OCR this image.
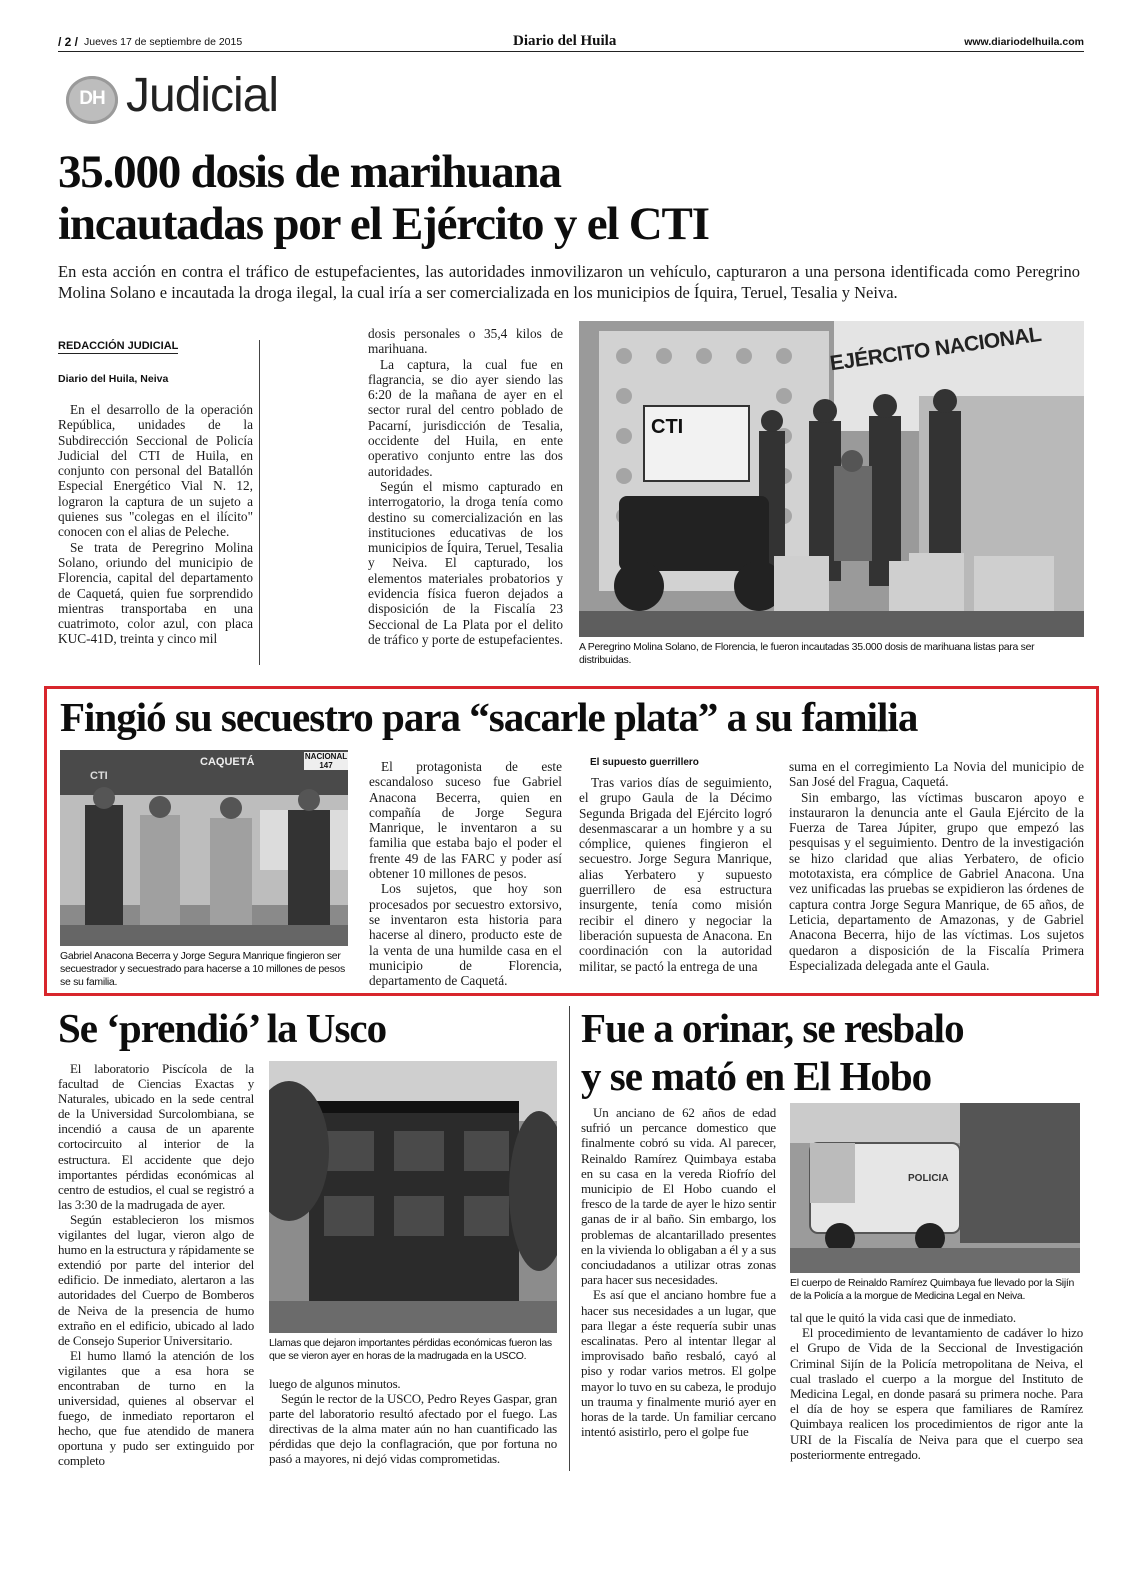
/ 2 / Jueves 17 de septiembre de 2015	Diario del Huila	www.diariodelhuila.com
DH Judicial
35.000 dosis de marihuana
incautadas por el Ejército y el CTI

En esta acción en contra el tráfico de estupefacientes, las autoridades inmovilizaron un vehículo, capturaron a una persona identificada como Peregrino Molina Solano e incautada la droga ilegal, la cual iría a ser comercializada en los municipios de Íquira, Teruel, Tesalia y Neiva.

REDACCIÓN JUDICIAL
Diario del Huila, Neiva

En el desarrollo de la operación República, unidades de la Subdirección Seccional de Policía Judicial del CTI de Huila, en conjunto con personal del Batallón Especial Energético Vial N. 12, lograron la captura de un sujeto a quienes sus "colegas en el ilícito" conocen con el alias de Peleche.

Se trata de Peregrino Molina Solano, oriundo del municipio de Florencia, capital del departamento de Caquetá, quien fue sorprendido mientras transportaba en una cuatrimoto, color azul, con placa KUC-41D, treinta y cinco mil

dosis personales o 35,4 kilos de marihuana.

La captura, la cual fue en flagrancia, se dio ayer siendo las 6:20 de la mañana de ayer en el sector rural del centro poblado de Pacarní, jurisdicción de Tesalia, occidente del Huila, en ente operativo conjunto entre las dos autoridades.

Según el mismo capturado en interrogatorio, la droga tenía como destino su comercialización en las instituciones educativas de los municipios de Íquira, Teruel, Tesalia y Neiva. El capturado, los elementos materiales probatorios y evidencia física fueron dejados a disposición de la Fiscalía 23 Seccional de La Plata por el delito de tráfico y porte de estupefacientes.

EJÉRCITO NACIONAL
CTI
A Peregrino Molina Solano, de Florencia, le fueron incautadas 35.000 dosis de marihuana listas para ser distribuidas.
Fingió su secuestro para “sacarle plata” a su familia
CTI
CAQUETÁ	NACIONAL 147
Gabriel Anacona Becerra y Jorge Segura Manrique fingieron ser secuestrador y secuestrado para hacerse a 10 millones de pesos se su familia.

El protagonista de este escandaloso suceso fue Gabriel Anacona Becerra, quien en compañía de Jorge Segura Manrique, le inventaron a su familia que estaba bajo el poder el frente 49 de las FARC y poder así obtener 10 millones de pesos.

Los sujetos, que hoy son procesados por secuestro extorsivo, se inventaron esta historia para hacerse al dinero, producto este de la venta de una humilde casa en el municipio de Florencia, departamento de Caquetá.

El supuesto guerrillero

Tras varios días de seguimiento, el grupo Gaula de la Décimo Segunda Brigada del Ejército logró desenmascarar a un hombre y a su cómplice, quienes fingieron el secuestro. Jorge Segura Manrique, alias Yerbatero y supuesto guerrillero de esa estructura insurgente, tenía como misión recibir el dinero y negociar la liberación supuesta de Anacona. En coordinación con la autoridad militar, se pactó la entrega de una

suma en el corregimiento La Novia del municipio de San José del Fragua, Caquetá.

Sin embargo, las víctimas buscaron apoyo e instauraron la denuncia ante el Gaula Ejército de la Fuerza de Tarea Júpiter, grupo que empezó las pesquisas y el seguimiento. Dentro de la investigación se hizo claridad que alias Yerbatero, de oficio mototaxista, era cómplice de Gabriel Anacona. Una vez unificadas las pruebas se expidieron las órdenes de captura contra Jorge Segura Manrique, de 65 años, de Leticia, departamento de Amazonas, y de Gabriel Anacona Becerra, hijo de las víctimas. Los sujetos quedaron a disposición de la Fiscalía Primera Especializada delegada ante el Gaula.

Se ‘prendió’ la Usco

El laboratorio Piscícola de la facultad de Ciencias Exactas y Naturales, ubicado en la sede central de la Universidad Surcolombiana, se incendió a causa de un aparente cortocircuito al interior de la estructura. El accidente que dejo importantes pérdidas económicas al centro de estudios, el cual se registró a las 3:30 de la madrugada de ayer.

Según establecieron los mismos vigilantes del lugar, vieron algo de humo en la estructura y rápidamente se extendió por parte del interior del edificio. De inmediato, alertaron a las autoridades del Cuerpo de Bomberos de Neiva de la presencia de humo extraño en el edificio, ubicado al lado de Consejo Superior Universitario.

El humo llamó la atención de los vigilantes que a esa hora se encontraban de turno en la universidad, quienes al observar el fuego, de inmediato reportaron el hecho, que fue atendido de manera oportuna y pudo ser extinguido por completo

Llamas que dejaron importantes pérdidas económicas fueron las que se vieron ayer en horas de la madrugada en la USCO.

luego de algunos minutos.

Según le rector de la USCO, Pedro Reyes Gaspar, gran parte del laboratorio resultó afectado por el fuego. Las directivas de la alma mater aún no han cuantificado las pérdidas que dejo la conflagración, que por fortuna no pasó a mayores, ni dejó vidas comprometidas.

Fue a orinar, se resbalo
y se mató en El Hobo

Un anciano de 62 años de edad sufrió un percance domestico que finalmente cobró su vida. Al parecer, Reinaldo Ramírez Quimbaya estaba en su casa en la vereda Riofrío del municipio de El Hobo cuando el fresco de la tarde de ayer le hizo sentir ganas de ir al baño. Sin embargo, los problemas de alcantarillado presentes en la vivienda lo obligaban a él y a sus conciudadanos a utilizar otras zonas para hacer sus necesidades.

Es así que el anciano hombre fue a hacer sus necesidades a un lugar, que para llegar a éste requería subir unas escalinatas. Pero al intentar llegar al improvisado baño resbaló, cayó al piso y rodar varios metros. El golpe mayor lo tuvo en su cabeza, le produjo un trauma y finalmente murió ayer en horas de la tarde. Un familiar cercano intentó asistirlo, pero el golpe fue

POLICIA
El cuerpo de Reinaldo Ramírez Quimbaya fue llevado por la Sijín de la Policía a la morgue de Medicina Legal en Neiva.

tal que le quitó la vida casi que de inmediato.

El procedimiento de levantamiento de cadáver lo hizo el Grupo de Vida de la Seccional de Investigación Criminal Sijín de la Policía metropolitana de Neiva, el cual traslado el cuerpo a la morgue del Instituto de Medicina Legal, en donde pasará su primera noche. Para el día de hoy se espera que familiares de Ramírez Quimbaya realicen los procedimientos de rigor ante la URI de la Fiscalía de Neiva para que el cuerpo sea posteriormente entregado.
